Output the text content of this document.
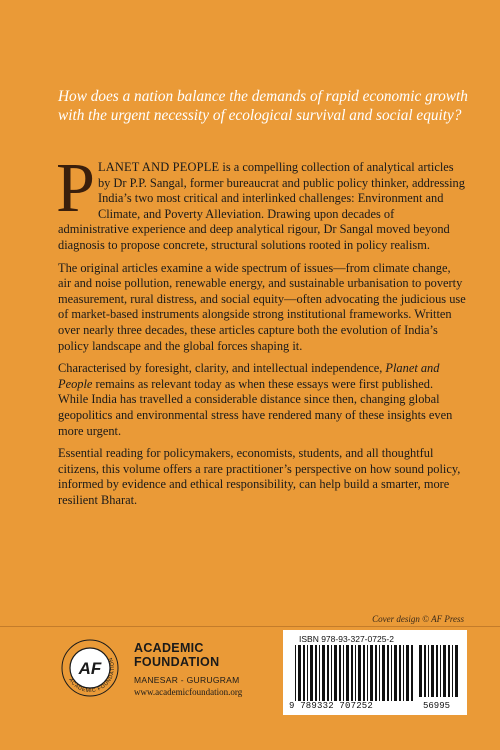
How does a nation balance the demands of rapid economic growth with the urgent necessity of ecological survival and social equity?

PLANET AND PEOPLE is a compelling collection of analytical articles by Dr P.P. Sangal, former bureaucrat and public policy thinker, addressing India’s two most critical and interlinked challenges: Environment and Climate, and Poverty Alleviation. Drawing upon decades of administrative experience and deep analytical rigour, Dr Sangal moved beyond diagnosis to propose concrete, structural solutions rooted in policy realism.

The original articles examine a wide spectrum of issues—from climate change, air and noise pollution, renewable energy, and sustainable urbanisation to poverty measurement, rural distress, and social equity—often advocating the judicious use of market-based instruments alongside strong institutional frameworks. Written over nearly three decades, these articles capture both the evolution of India’s policy landscape and the global forces shaping it.

Characterised by foresight, clarity, and intellectual independence, Planet and People remains as relevant today as when these essays were first published. While India has travelled a considerable distance since then, changing global geopolitics and environmental stress have rendered many of these insights even more urgent.

Essential reading for policymakers, economists, students, and all thoughtful citizens, this volume offers a rare practitioner’s perspective on how sound policy, informed by evidence and ethical responsibility, can help build a smarter, more resilient Bharat.

Cover design © AF Press
ACADEMIC FOUNDATION
AF
ACADEMIC
FOUNDATION
MANESAR - GURUGRAM
www.academicfoundation.org
ISBN 978-93-327-0725-2
9 789332 707252	56995
